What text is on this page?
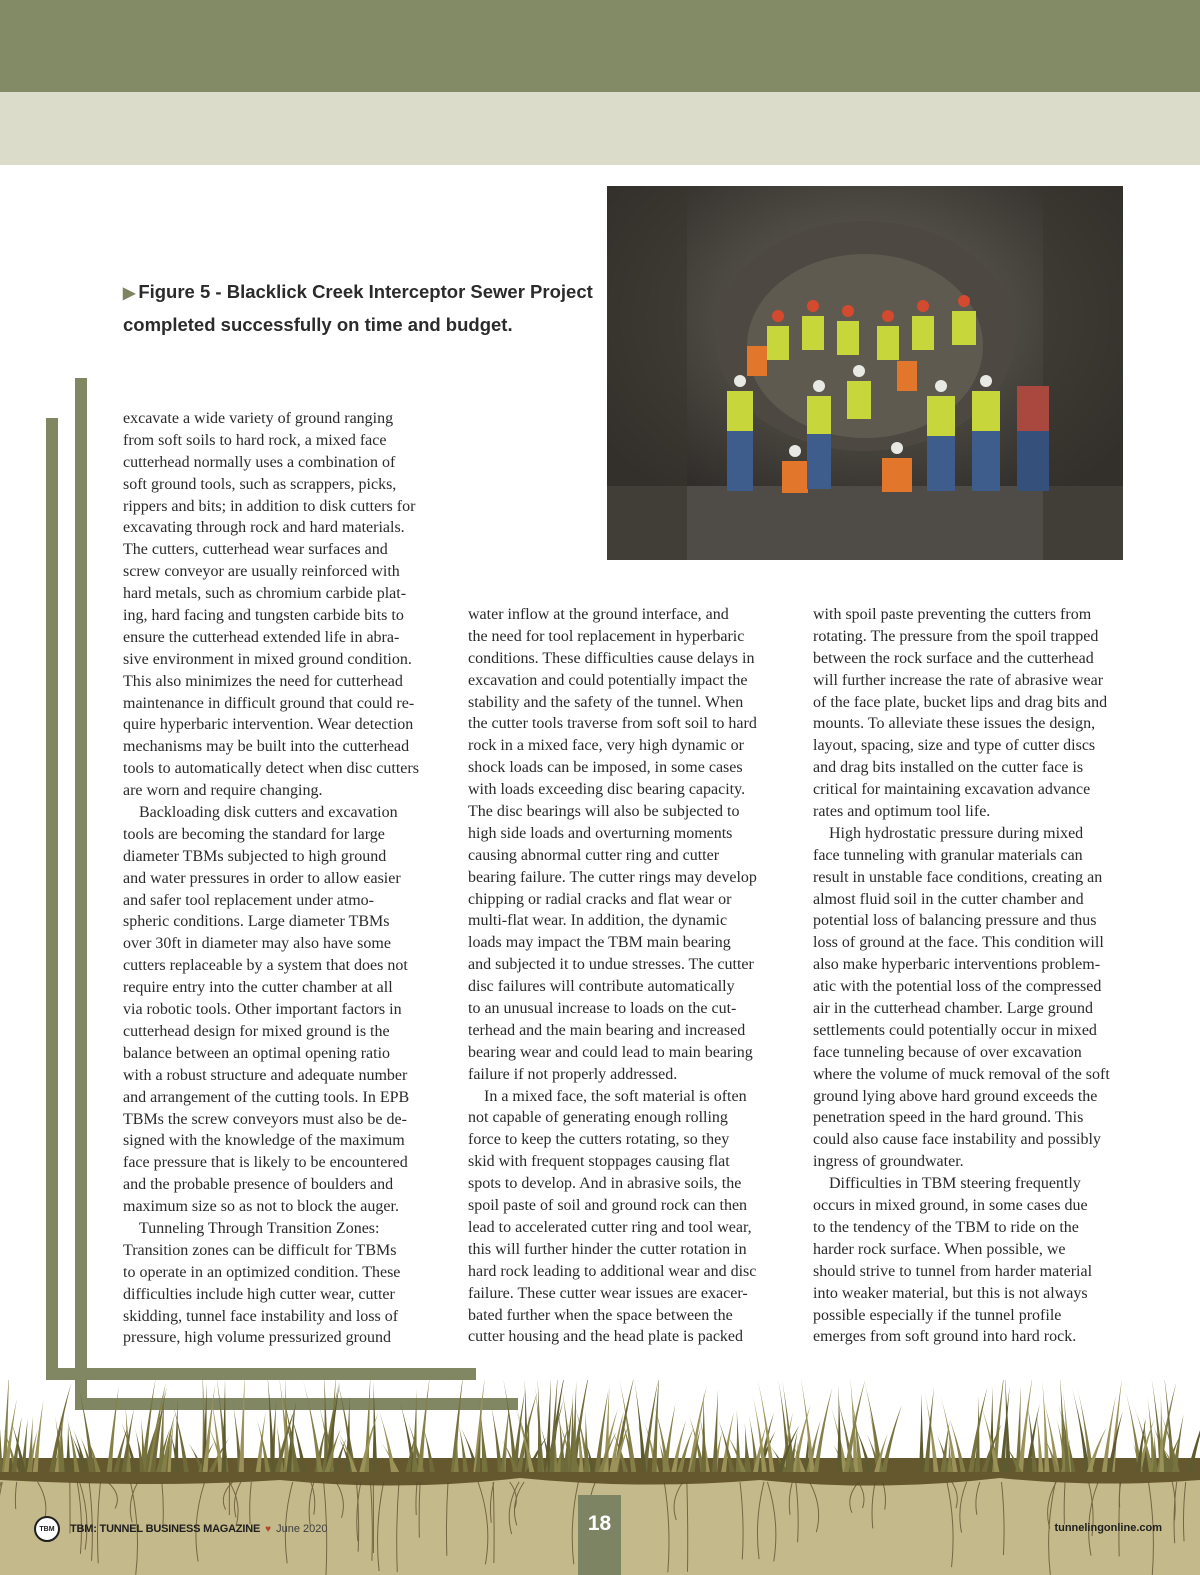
▶ Figure 5 - Blacklick Creek Interceptor Sewer Project
completed successfully on time and budget.
excavate a wide variety of ground ranging
from soft soils to hard rock, a mixed face
cutterhead normally uses a combination of
soft ground tools, such as scrappers, picks,
rippers and bits; in addition to disk cutters for
excavating through rock and hard materials.
The cutters, cutterhead wear surfaces and
screw conveyor are usually reinforced with
hard metals, such as chromium carbide plat-
ing, hard facing and tungsten carbide bits to
ensure the cutterhead extended life in abra-
sive environment in mixed ground condition.
This also minimizes the need for cutterhead
maintenance in difficult ground that could re-
quire hyperbaric intervention. Wear detection
mechanisms may be built into the cutterhead
tools to automatically detect when disc cutters
are worn and require changing.
 Backloading disk cutters and excavation
tools are becoming the standard for large
diameter TBMs subjected to high ground
and water pressures in order to allow easier
and safer tool replacement under atmo-
spheric conditions. Large diameter TBMs
over 30ft in diameter may also have some
cutters replaceable by a system that does not
require entry into the cutter chamber at all
via robotic tools. Other important factors in
cutterhead design for mixed ground is the
balance between an optimal opening ratio
with a robust structure and adequate number
and arrangement of the cutting tools. In EPB
TBMs the screw conveyors must also be de-
signed with the knowledge of the maximum
face pressure that is likely to be encountered
and the probable presence of boulders and
maximum size so as not to block the auger.
 Tunneling Through Transition Zones:
Transition zones can be difficult for TBMs
to operate in an optimized condition. These
difficulties include high cutter wear, cutter
skidding, tunnel face instability and loss of
pressure, high volume pressurized ground
water inflow at the ground interface, and
the need for tool replacement in hyperbaric
conditions. These difficulties cause delays in
excavation and could potentially impact the
stability and the safety of the tunnel. When
the cutter tools traverse from soft soil to hard
rock in a mixed face, very high dynamic or
shock loads can be imposed, in some cases
with loads exceeding disc bearing capacity.
The disc bearings will also be subjected to
high side loads and overturning moments
causing abnormal cutter ring and cutter
bearing failure. The cutter rings may develop
chipping or radial cracks and flat wear or
multi-flat wear. In addition, the dynamic
loads may impact the TBM main bearing
and subjected it to undue stresses. The cutter
disc failures will contribute automatically
to an unusual increase to loads on the cut-
terhead and the main bearing and increased
bearing wear and could lead to main bearing
failure if not properly addressed.
 In a mixed face, the soft material is often
not capable of generating enough rolling
force to keep the cutters rotating, so they
skid with frequent stoppages causing flat
spots to develop. And in abrasive soils, the
spoil paste of soil and ground rock can then
lead to accelerated cutter ring and tool wear,
this will further hinder the cutter rotation in
hard rock leading to additional wear and disc
failure. These cutter wear issues are exacer-
bated further when the space between the
cutter housing and the head plate is packed
with spoil paste preventing the cutters from
rotating. The pressure from the spoil trapped
between the rock surface and the cutterhead
will further increase the rate of abrasive wear
of the face plate, bucket lips and drag bits and
mounts. To alleviate these issues the design,
layout, spacing, size and type of cutter discs
and drag bits installed on the cutter face is
critical for maintaining excavation advance
rates and optimum tool life.
 High hydrostatic pressure during mixed
face tunneling with granular materials can
result in unstable face conditions, creating an
almost fluid soil in the cutter chamber and
potential loss of balancing pressure and thus
loss of ground at the face. This condition will
also make hyperbaric interventions problem-
atic with the potential loss of the compressed
air in the cutterhead chamber. Large ground
settlements could potentially occur in mixed
face tunneling because of over excavation
where the volume of muck removal of the soft
ground lying above hard ground exceeds the
penetration speed in the hard ground. This
could also cause face instability and possibly
ingress of groundwater.
 Difficulties in TBM steering frequently
occurs in mixed ground, in some cases due
to the tendency of the TBM to ride on the
harder rock surface. When possible, we
should strive to tunnel from harder material
into weaker material, but this is not always
possible especially if the tunnel profile
emerges from soft ground into hard rock.
TBM TBM: TUNNEL BUSINESS MAGAZINE ♥ June 2020	18	tunnelingonline.com
